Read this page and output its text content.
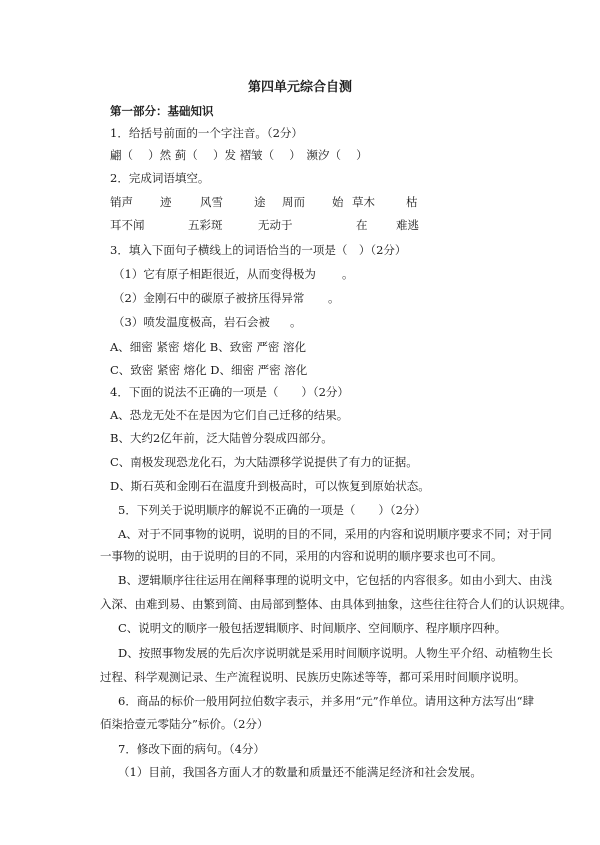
第四单元综合自测
第一部分：基础知识
1．给括号前面的一个字注音。（2分）
翩（　 ）然 蓟（　 ）发 褶皱（　 ）　濒汐（　 ）
2．完成词语填空。
销声 迹 风雪	途 周而 始 草木	枯
耳不闻	五彩斑	无动于	在 难逃
3．填入下面句子横线上的词语恰当的一项是（　）（2分）
（1）它有原子相距很近，从而变得极为 。
（2）金刚石中的碳原子被挤压得异常 。
（3）喷发温度极高，岩石会被 。
A、细密 紧密 熔化 B、致密 严密 溶化
C、致密 紧密 熔化 D、细密 严密 溶化
4．下面的说法不正确的一项是（　　）（2分）
A、恐龙无处不在是因为它们自己迁移的结果。
B、大约2亿年前，泛大陆曾分裂成四部分。
C、南极发现恐龙化石，为大陆漂移学说提供了有力的证据。
D、斯石英和金刚石在温度升到极高时，可以恢复到原始状态。
5．下列关于说明顺序的解说不正确的一项是（　　）（2分）
A、对于不同事物的说明，说明的目的不同，采用的内容和说明顺序要求不同；对于同
一事物的说明，由于说明的目的不同，采用的内容和说明的顺序要求也可不同。
B、逻辑顺序往往运用在阐释事理的说明文中，它包括的内容很多。如由小到大、由浅
入深、由难到易、由繁到简、由局部到整体、由具体到抽象，这些往往符合人们的认识规律。
C、说明文的顺序一般包括逻辑顺序、时间顺序、空间顺序、程序顺序四种。
D、按照事物发展的先后次序说明就是采用时间顺序说明。人物生平介绍、动植物生长
过程、科学观测记录、生产流程说明、民族历史陈述等等，都可采用时间顺序说明。
6．商品的标价一般用阿拉伯数字表示，并多用“元”作单位。请用这种方法写出“肆
佰柒拾壹元零陆分”标价。（2分）
7．修改下面的病句。（4分）
（1）目前，我国各方面人才的数量和质量还不能满足经济和社会发展。
